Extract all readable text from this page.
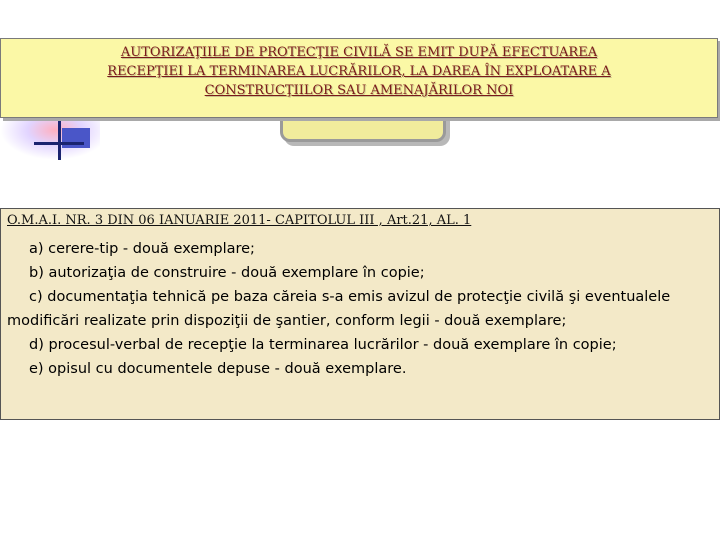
AUTORIZAŢIILE DE PROTECŢIE CIVILĂ SE EMIT DUPĂ EFECTUAREA
RECEPŢIEI LA TERMINAREA LUCRĂRILOR, LA DAREA ÎN EXPLOATARE A
CONSTRUCŢIILOR SAU AMENAJĂRILOR NOI
O.M.A.I. NR. 3 DIN 06 IANUARIE 2011- CAPITOLUL III , Art.21, AL. 1
a) cerere-tip - două exemplare;
b) autorizaţia de construire - două exemplare în copie;
c) documentaţia tehnică pe baza căreia s-a emis avizul de protecţie civilă şi eventualele modificări realizate prin dispoziţii de şantier, conform legii - două exemplare;
d) procesul-verbal de recepţie la terminarea lucrărilor - două exemplare în copie;
e) opisul cu documentele depuse - două exemplare.
